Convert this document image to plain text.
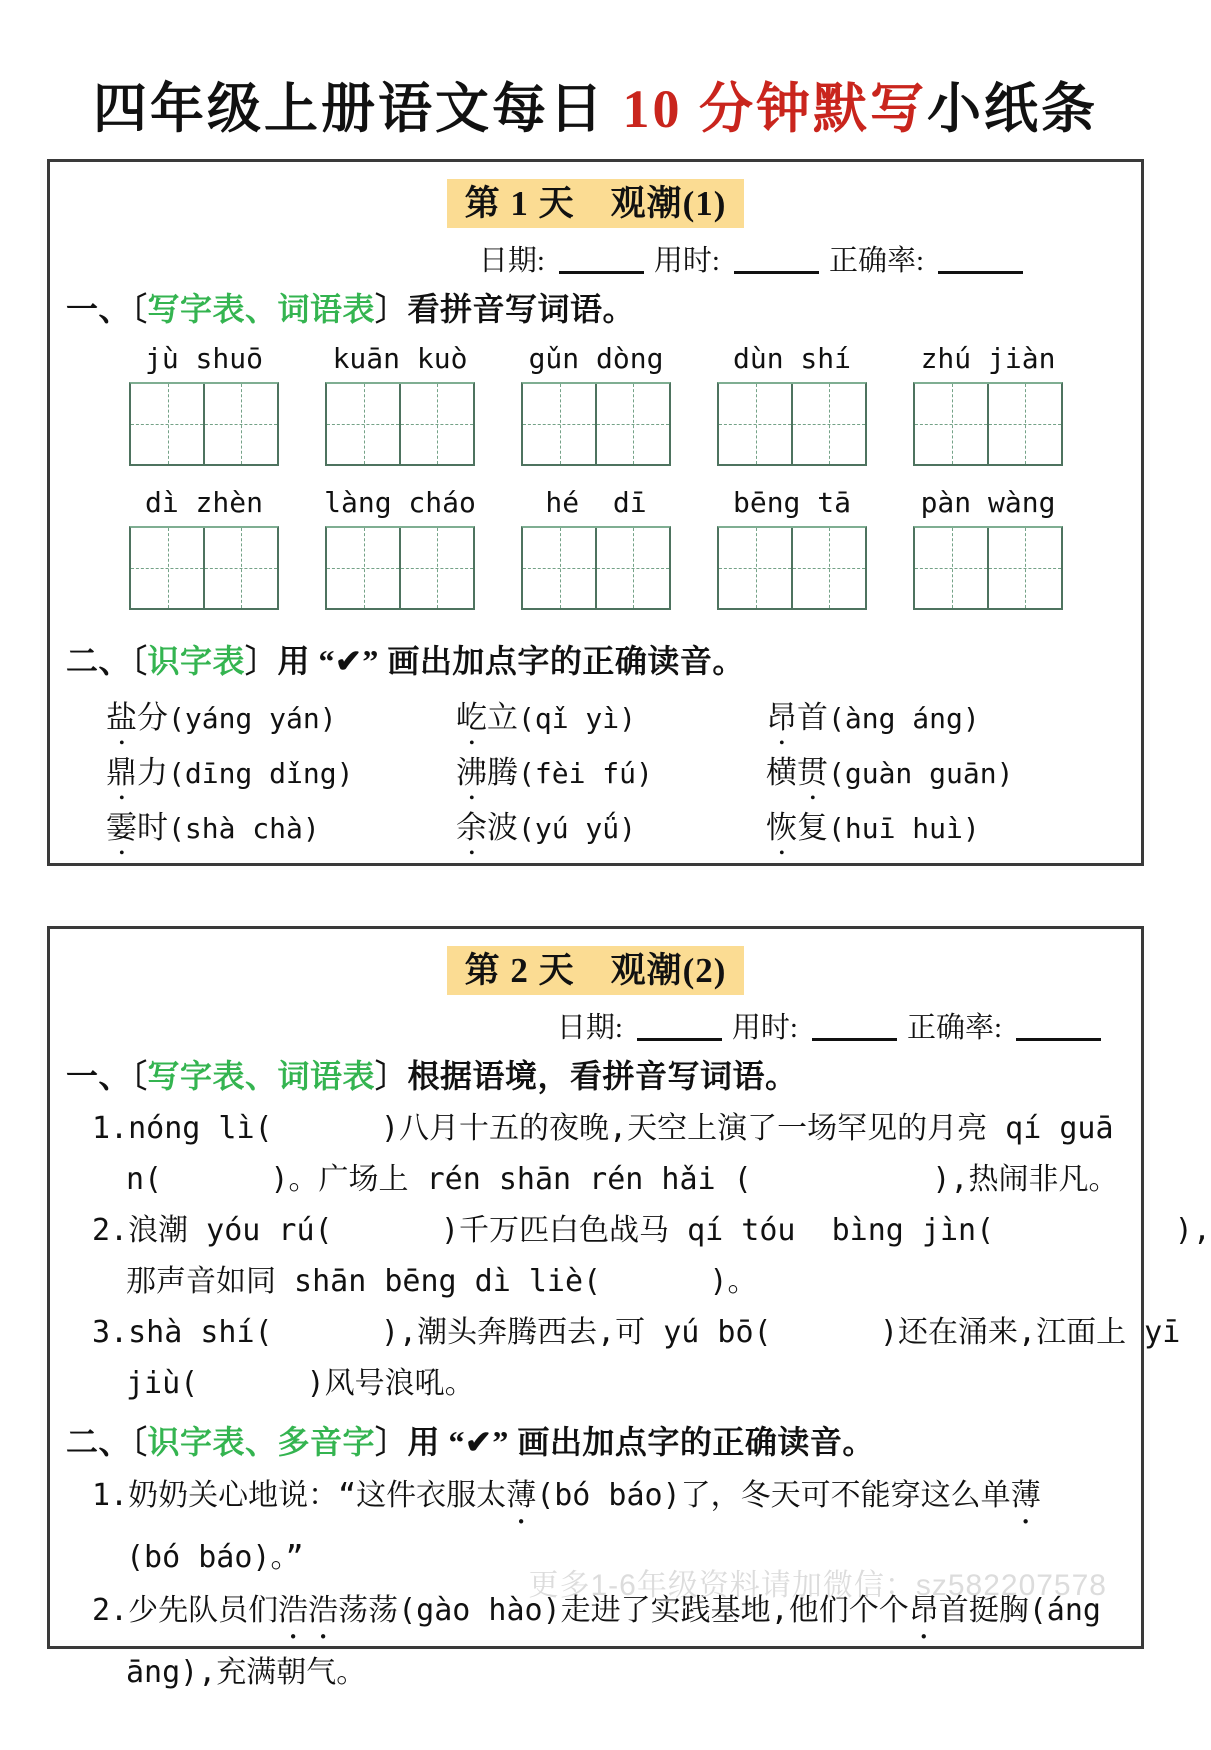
四年级上册语文每日 10 分钟默写小纸条
第 1 天　观潮(1)
日期:	用时:	正确率:
一、〔写字表、词语表〕看拼音写词语。
jù shuō	kuān kuò	gǔn dòng	dùn shí	zhú jiàn
dì zhèn	làng cháo	hé  dī	bēng tā	pàn wàng
二、〔识字表〕用 “✔” 画出加点字的正确读音。
盐分(yáng yán)	屹立(qǐ yì)	昂首(àng áng)
鼎力(dīng dǐng)	沸腾(fèi fú)	横贯(guàn guān)
霎时(shà chà)	余波(yú yǘ)	恢复(huī huì)
第 2 天　观潮(2)
日期:	用时:	正确率:
一、〔写字表、词语表〕根据语境，看拼音写词语。
1.nóng lì(      )八月十五的夜晚,天空上演了一场罕见的月亮 qí guā
n(      )。广场上 rén shān rén hǎi (          ),热闹非凡。
2.浪潮 yóu rú(      )千万匹白色战马 qí tóu  bìng jìn(          ),
那声音如同 shān bēng dì liè(      )。
3.shà shí(      ),潮头奔腾西去,可 yú bō(      )还在涌来,江面上 yī
jiù(      )风号浪吼。
二、〔识字表、多音字〕用 “✔” 画出加点字的正确读音。
1.奶奶关心地说：“这件衣服太薄(bó báo)了，冬天可不能穿这么单薄
(bó báo)。”
2.少先队员们浩浩荡荡(gào hào)走进了实践基地,他们个个昂首挺胸(áng
āng),充满朝气。
更多1-6年级资料请加微信：sz582207578
